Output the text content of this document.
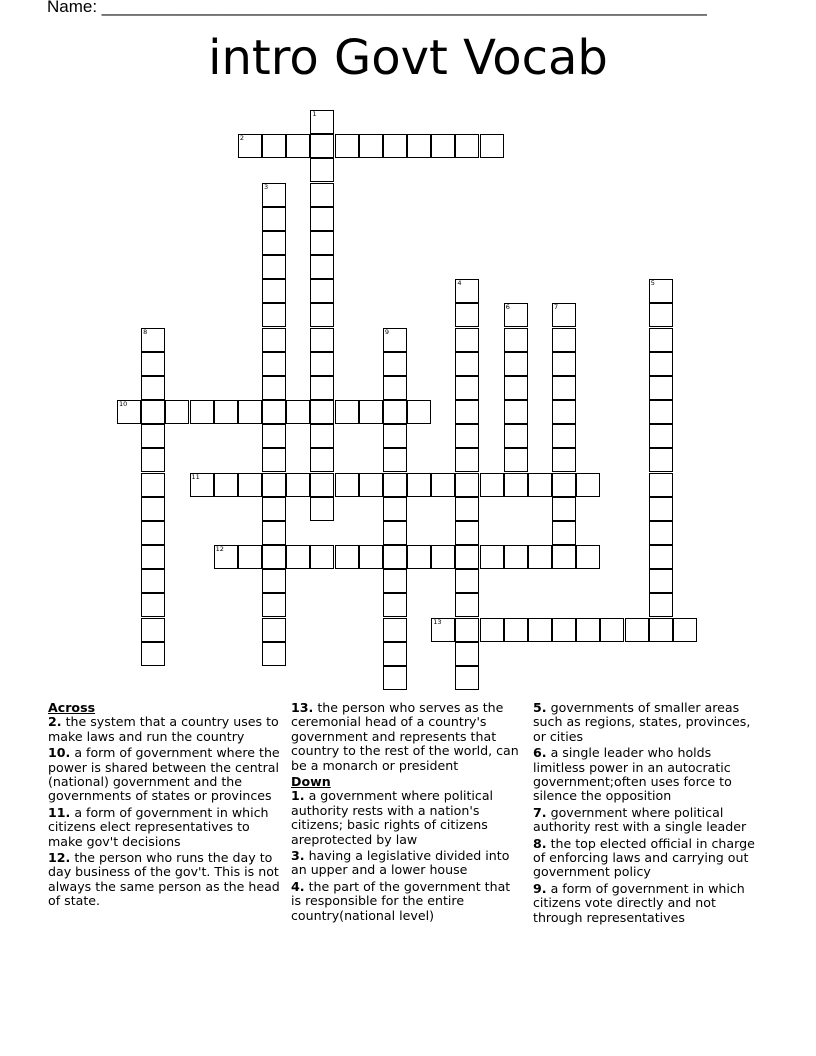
Name: ________________________________________________________________
intro Govt Vocab
1
2
3
4	5
6	7
8	9
10
11
12
13
Across
2. the system that a country uses to make laws and run the country
10. a form of government where the power is shared between the central (national) government and the governments of states or provinces
11. a form of government in which citizens elect representatives to make gov't decisions
12. the person who runs the day to day business of the gov't. This is not always the same person as the head of state.
13. the person who serves as the ceremonial head of a country's government and represents that country to the rest of the world, can be a monarch or president
Down
1. a government where political authority rests with a nation's citizens; basic rights of citizens areprotected by law
3. having a legislative divided into an upper and a lower house
4. the part of the government that is responsible for the entire country(national level)
5. governments of smaller areas such as regions, states, provinces, or cities
6. a single leader who holds limitless power in an autocratic government;often uses force to silence the opposition
7. government where political authority rest with a single leader
8. the top elected official in charge of enforcing laws and carrying out government policy
9. a form of government in which citizens vote directly and not through representatives
